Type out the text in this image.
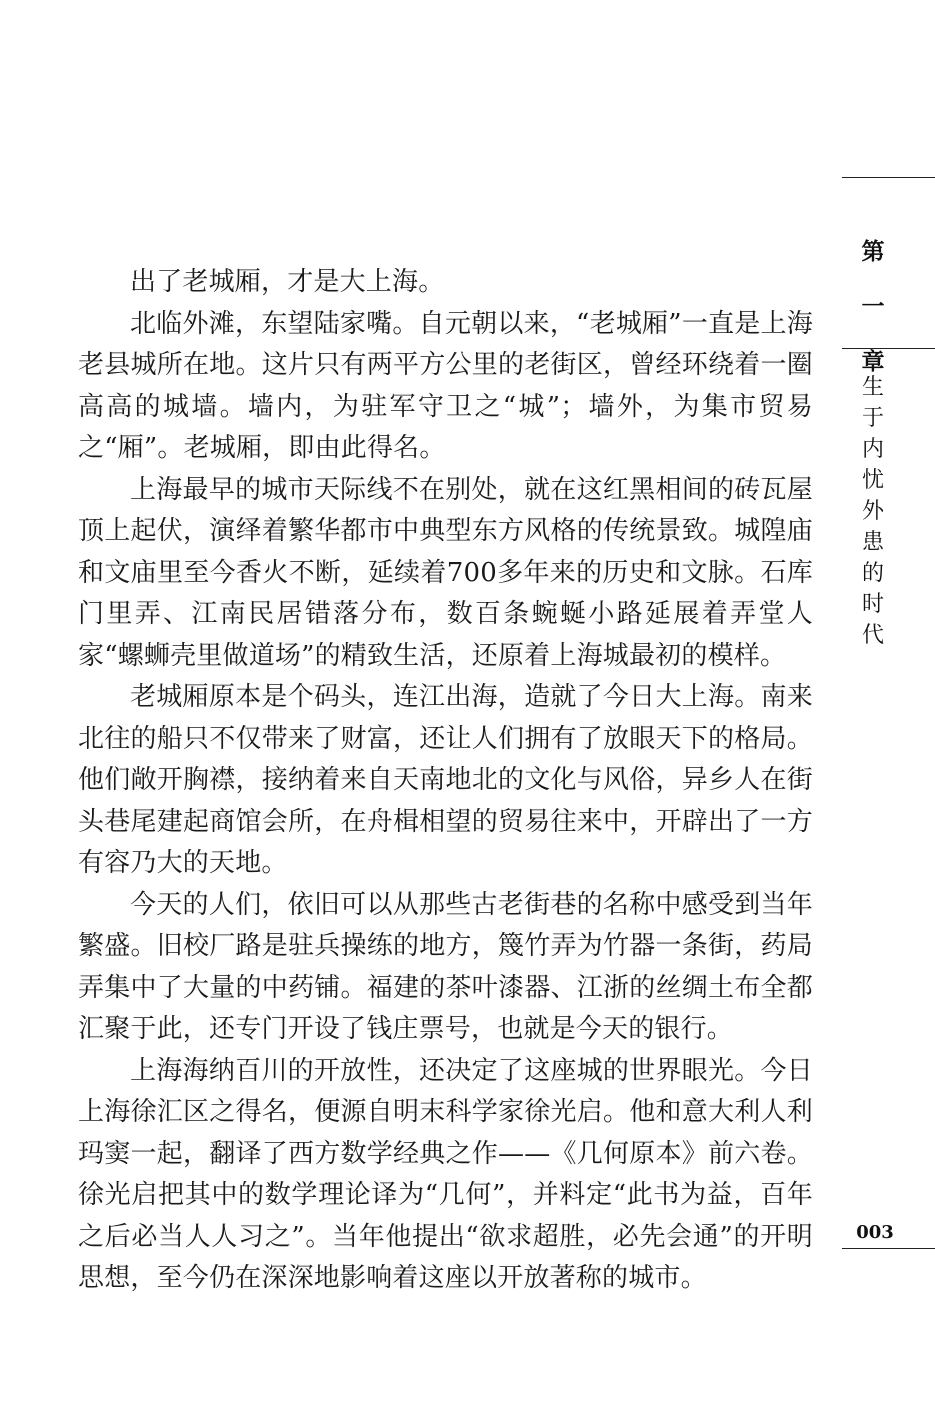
第
一
章
生
于
内
忧
外
患
的
时
代
003

出了老城厢，才是大上海。

北临外滩，东望陆家嘴。自元朝以来，“老城厢”一直是上海老县城所在地。这片只有两平方公里的老街区，曾经环绕着一圈高高的城墙。墙内，为驻军守卫之“城”；墙外，为集市贸易之“厢”。老城厢，即由此得名。

上海最早的城市天际线不在别处，就在这红黑相间的砖瓦屋顶上起伏，演绎着繁华都市中典型东方风格的传统景致。城隍庙和文庙里至今香火不断，延续着700多年来的历史和文脉。石库门里弄、江南民居错落分布，数百条蜿蜒小路延展着弄堂人家“螺蛳壳里做道场”的精致生活，还原着上海城最初的模样。

老城厢原本是个码头，连江出海，造就了今日大上海。南来北往的船只不仅带来了财富，还让人们拥有了放眼天下的格局。他们敞开胸襟，接纳着来自天南地北的文化与风俗，异乡人在街头巷尾建起商馆会所，在舟楫相望的贸易往来中，开辟出了一方有容乃大的天地。

今天的人们，依旧可以从那些古老街巷的名称中感受到当年繁盛。旧校厂路是驻兵操练的地方，篾竹弄为竹器一条街，药局弄集中了大量的中药铺。福建的茶叶漆器、江浙的丝绸土布全都汇聚于此，还专门开设了钱庄票号，也就是今天的银行。

上海海纳百川的开放性，还决定了这座城的世界眼光。今日上海徐汇区之得名，便源自明末科学家徐光启。他和意大利人利玛窦一起，翻译了西方数学经典之作——《几何原本》前六卷。徐光启把其中的数学理论译为“几何”，并料定“此书为益，百年之后必当人人习之”。当年他提出“欲求超胜，必先会通”的开明思想，至今仍在深深地影响着这座以开放著称的城市。
